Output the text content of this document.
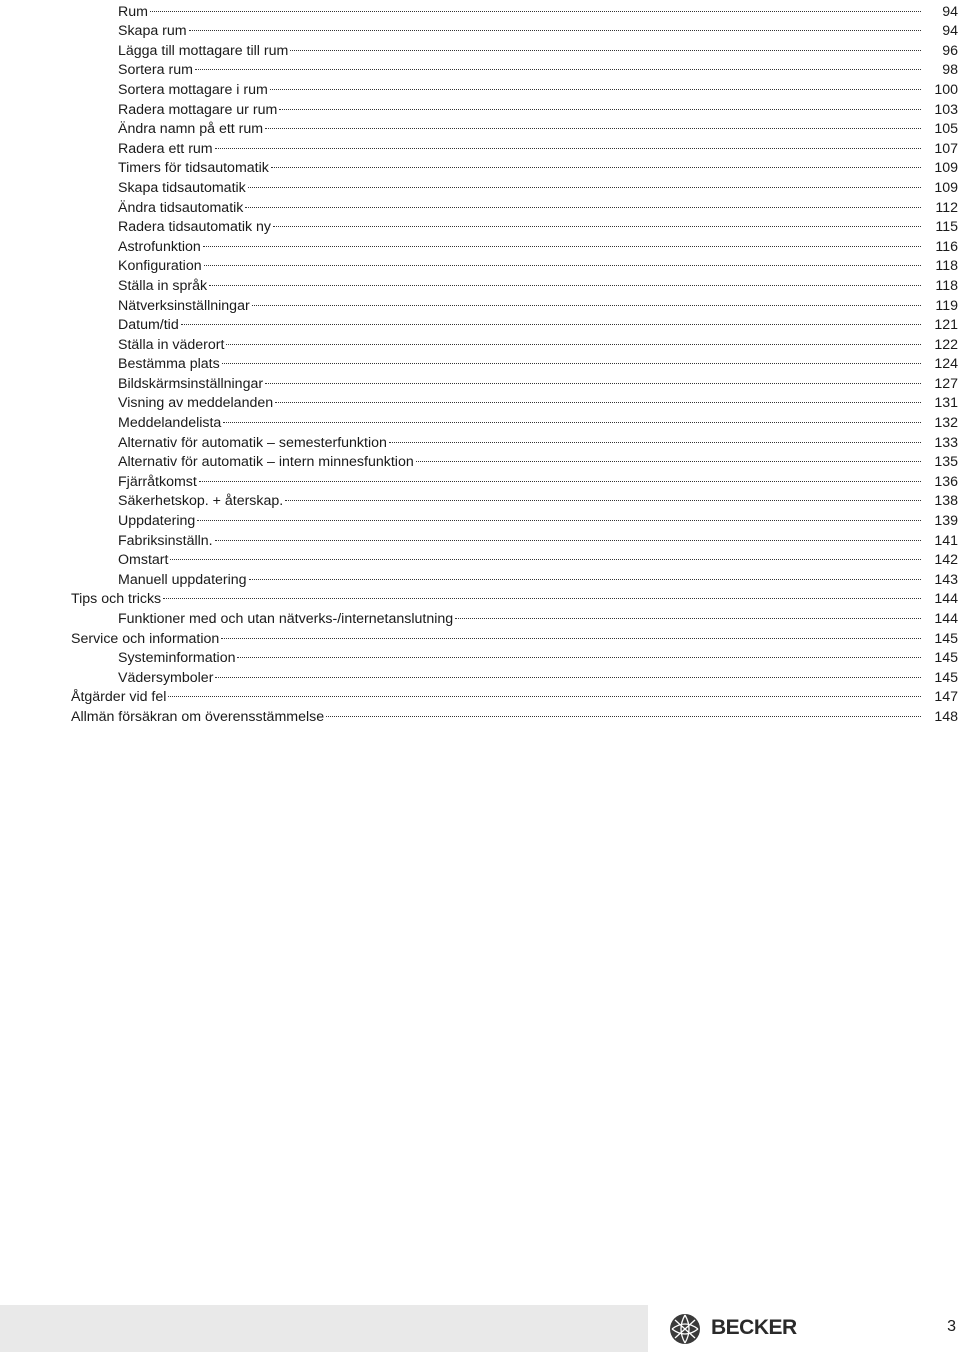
Rum	94
Skapa rum	94
Lägga till mottagare till rum	96
Sortera rum	98
Sortera mottagare i rum	100
Radera mottagare ur rum	103
Ändra namn på ett rum	105
Radera ett rum	107
Timers för tidsautomatik	109
Skapa tidsautomatik	109
Ändra tidsautomatik	112
Radera tidsautomatik ny	115
Astrofunktion	116
Konfiguration	118
Ställa in språk	118
Nätverksinställningar	119
Datum/tid	121
Ställa in väderort	122
Bestämma plats	124
Bildskärmsinställningar	127
Visning av meddelanden	131
Meddelandelista	132
Alternativ för automatik – semesterfunktion	133
Alternativ för automatik – intern minnesfunktion	135
Fjärråtkomst	136
Säkerhetskop. + återskap.	138
Uppdatering	139
Fabriksinställn.	141
Omstart	142
Manuell uppdatering	143
Tips och tricks	144
Funktioner med och utan nätverks-/internetanslutning	144
Service och information	145
Systeminformation	145
Vädersymboler	145
Åtgärder vid fel	147
Allmän försäkran om överensstämmelse	148
BECKER	3
